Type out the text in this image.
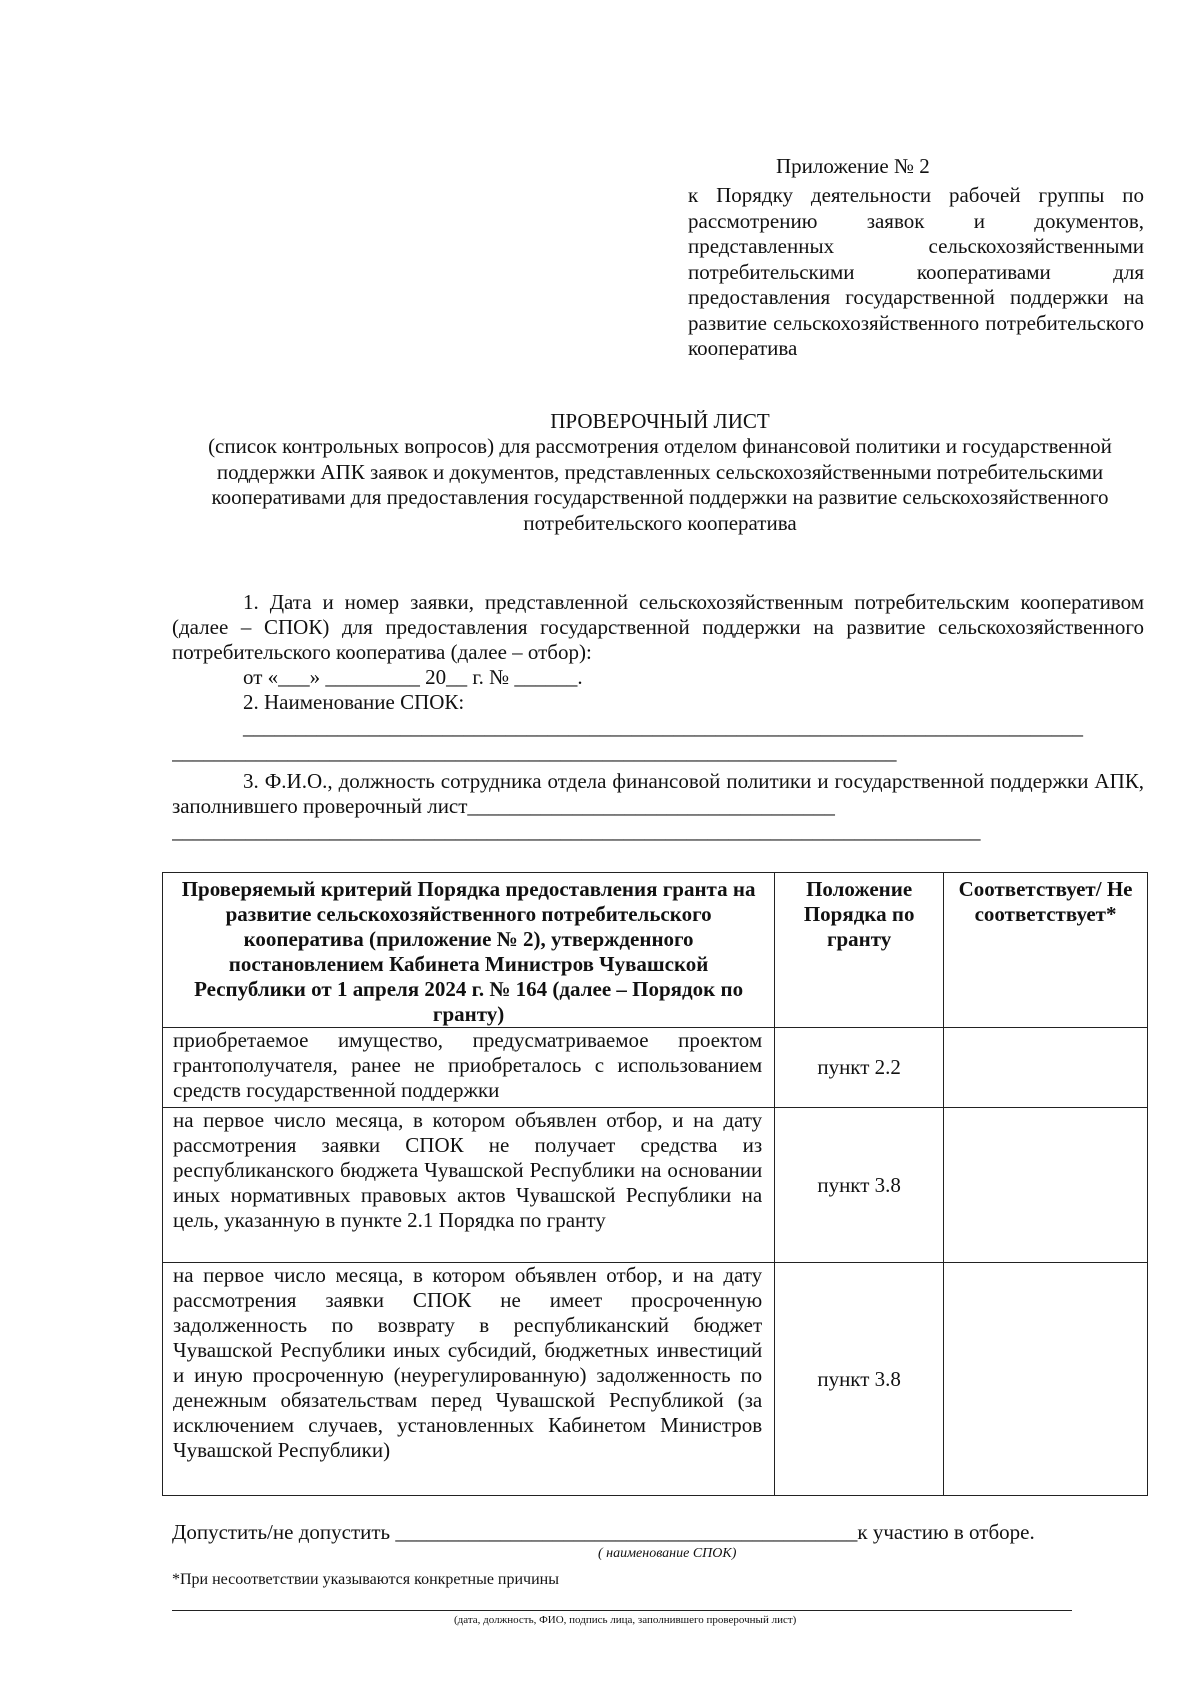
Приложение № 2
к Порядку деятельности рабочей группы по рассмотрению заявок и документов, представленных сельскохозяйственными потребительскими кооперативами для предоставления государственной поддержки на развитие сельскохозяйственного потребительского кооператива
ПРОВЕРОЧНЫЙ ЛИСТ
(список контрольных вопросов) для рассмотрения отделом финансовой политики и государственной поддержки АПК заявок и документов, представленных сельскохозяйственными потребительскими кооперативами для предоставления государственной поддержки на развитие сельскохозяйственного потребительского кооператива
1. Дата и номер заявки, представленной сельскохозяйственным потребительским кооперативом (далее – СПОК) для предоставления государственной поддержки на развитие сельскохозяйственного потребительского кооператива (далее – отбор):
от «___» _________ 20__ г. № ______.
2. Наименование СПОК:
________________________________________________________________________________
_____________________________________________________________________
3. Ф.И.О., должность сотрудника отдела финансовой политики и государственной поддержки АПК, заполнившего проверочный лист___________________________________
_____________________________________________________________________________
Проверяемый критерий Порядка предоставления гранта на развитие сельскохозяйственного потребительского кооператива (приложение № 2), утвержденного постановлением Кабинета Министров Чувашской Республики от 1 апреля 2024 г. № 164 (далее – Порядок по гранту)	Положение Порядка по гранту	Соответствует/ Не соответствует*
приобретаемое имущество, предусматриваемое проектом грантополучателя, ранее не приобреталось с использованием средств государственной поддержки	пункт 2.2	
на первое число месяца, в котором объявлен отбор, и на дату рассмотрения заявки СПОК не получает средства из республиканского бюджета Чувашской Республики на основании иных нормативных правовых актов Чувашской Республики на цель, указанную в пункте 2.1 Порядка по гранту	пункт 3.8	
на первое число месяца, в котором объявлен отбор, и на дату рассмотрения заявки СПОК не имеет просроченную задолженность по возврату в республиканский бюджет Чувашской Республики иных субсидий, бюджетных инвестиций и иную просроченную (неурегулированную) задолженность по денежным обязательствам перед Чувашской Республикой (за исключением случаев, установленных Кабинетом Министров Чувашской Республики)	пункт 3.8	
Допустить/не допустить ____________________________________________к участию в отборе.
( наименование СПОК)
*При несоответствии указываются конкретные причины
(дата, должность, ФИО, подпись лица, заполнившего проверочный лист)
